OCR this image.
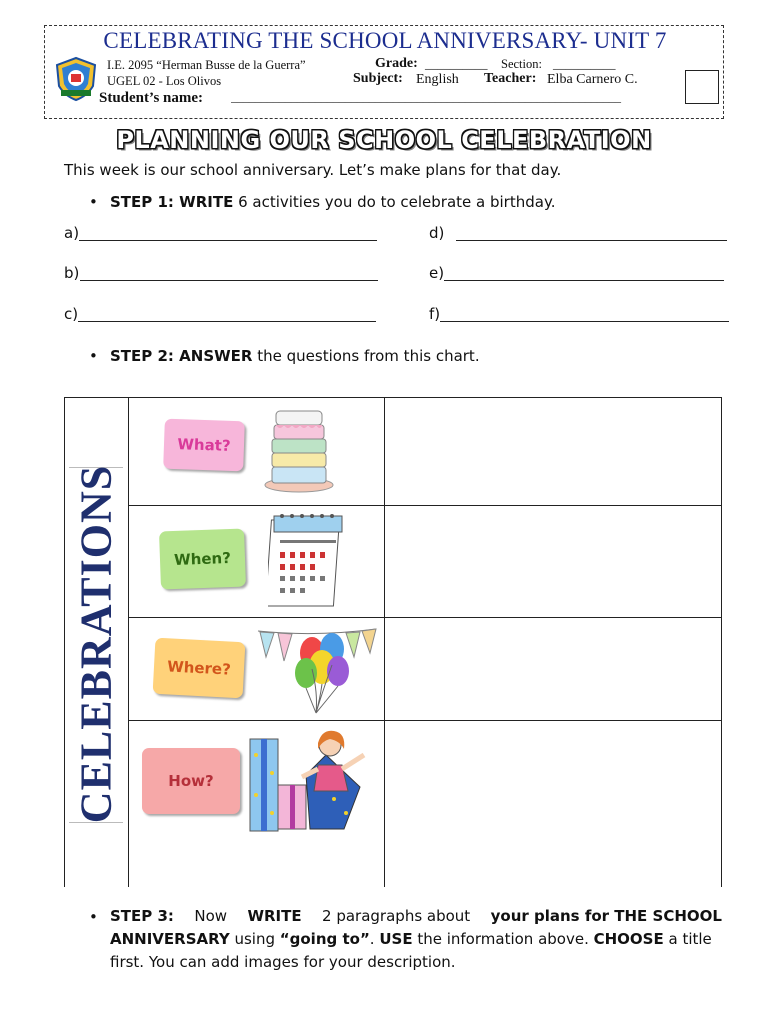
CELEBRATING THE SCHOOL ANNIVERSARY- UNIT 7
I.E. 2095 “Herman Busse de la Guerra”
UGEL 02 - Los Olivos
Grade: __________ Section: __________
Subject: English Teacher: Elba Carnero C.
Student’s name: _________________________________________________________________
PLANNING OUR SCHOOL CELEBRATION
This week is our school anniversary. Let’s make plans for that day.
• STEP 1: WRITE 6 activities you do to celebrate a birthday.
a)
b)
c)
d)
e)
f)
• STEP 2: ANSWER the questions from this chart.
CELEBRATIONS
What?
When?
Where?
How?
• STEP 3: Now WRITE 2 paragraphs about your plans for THE SCHOOL
ANNIVERSARY using “going to”. USE the information above. CHOOSE a title
first. You can add images for your description.
